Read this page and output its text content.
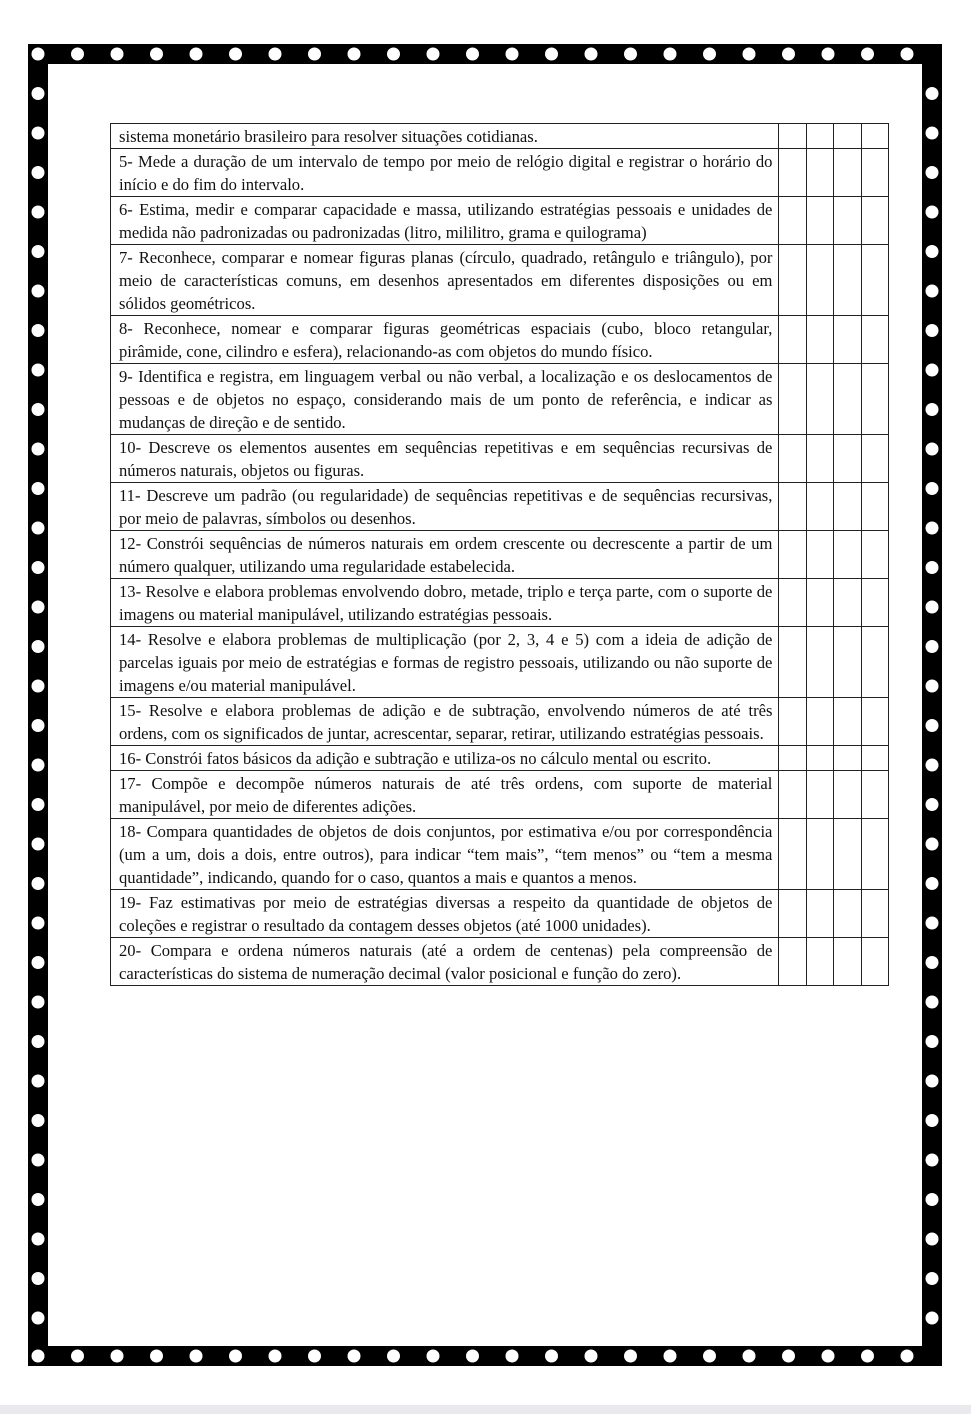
sistema monetário brasileiro para resolver situações cotidianas.				
5- Mede a duração de um intervalo de tempo por meio de relógio digital e registrar o horário do início e do fim do intervalo.				
6- Estima, medir e comparar capacidade e massa, utilizando estratégias pessoais e unidades de medida não padronizadas ou padronizadas (litro, mililitro, grama e quilograma)				
7- Reconhece, comparar e nomear figuras planas (círculo, quadrado, retângulo e triângulo), por meio de características comuns, em desenhos apresentados em diferentes disposições ou em sólidos geométricos.				
8- Reconhece, nomear e comparar figuras geométricas espaciais (cubo, bloco retangular, pirâmide, cone, cilindro e esfera), relacionando-as com objetos do mundo físico.				
9- Identifica e registra, em linguagem verbal ou não verbal, a localização e os deslocamentos de pessoas e de objetos no espaço, considerando mais de um ponto de referência, e indicar as mudanças de direção e de sentido.				
10- Descreve os elementos ausentes em sequências repetitivas e em sequências recursivas de números naturais, objetos ou figuras.				
11- Descreve um padrão (ou regularidade) de sequências repetitivas e de sequências recursivas, por meio de palavras, símbolos ou desenhos.				
12- Constrói sequências de números naturais em ordem crescente ou decrescente a partir de um número qualquer, utilizando uma regularidade estabelecida.				
13- Resolve e elabora problemas envolvendo dobro, metade, triplo e terça parte, com o suporte de imagens ou material manipulável, utilizando estratégias pessoais.				
14- Resolve e elabora problemas de multiplicação (por 2, 3, 4 e 5) com a ideia de adição de parcelas iguais por meio de estratégias e formas de registro pessoais, utilizando ou não suporte de imagens e/ou material manipulável.				
15- Resolve e elabora problemas de adição e de subtração, envolvendo números de até três ordens, com os significados de juntar, acrescentar, separar, retirar, utilizando estratégias pessoais.				
16- Constrói fatos básicos da adição e subtração e utiliza-os no cálculo mental ou escrito.				
17- Compõe e decompõe números naturais de até três ordens, com suporte de material manipulável, por meio de diferentes adições.				
18- Compara quantidades de objetos de dois conjuntos, por estimativa e/ou por correspondência (um a um, dois a dois, entre outros), para indicar “tem mais”, “tem menos” ou “tem a mesma quantidade”, indicando, quando for o caso, quantos a mais e quantos a menos.				
19- Faz estimativas por meio de estratégias diversas a respeito da quantidade de objetos de coleções e registrar o resultado da contagem desses objetos (até 1000 unidades).				
20- Compara e ordena números naturais (até a ordem de centenas) pela compreensão de características do sistema de numeração decimal (valor posicional e função do zero).				
